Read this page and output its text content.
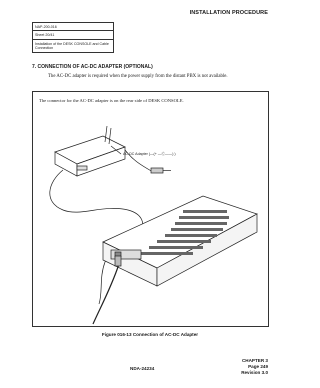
INSTALLATION PROCEDURE
NAP-200-016
Sheet 20/41
Installation of the DESK CONSOLE and Cable Connection
7. CONNECTION OF AC-DC ADAPTER (OPTIONAL)

The AC-DC adapter is required when the power supply from the distant PBX is not available.

The connector for the AC-DC adapter is on the rear side of DESK CONSOLE.
AC-DC Adapter (—(+ —Ⓒ——) )
Figure 016-13 Connection of AC-DC Adapter
NDA-24234
CHAPTER 3
Page 249
Revision 3.0
